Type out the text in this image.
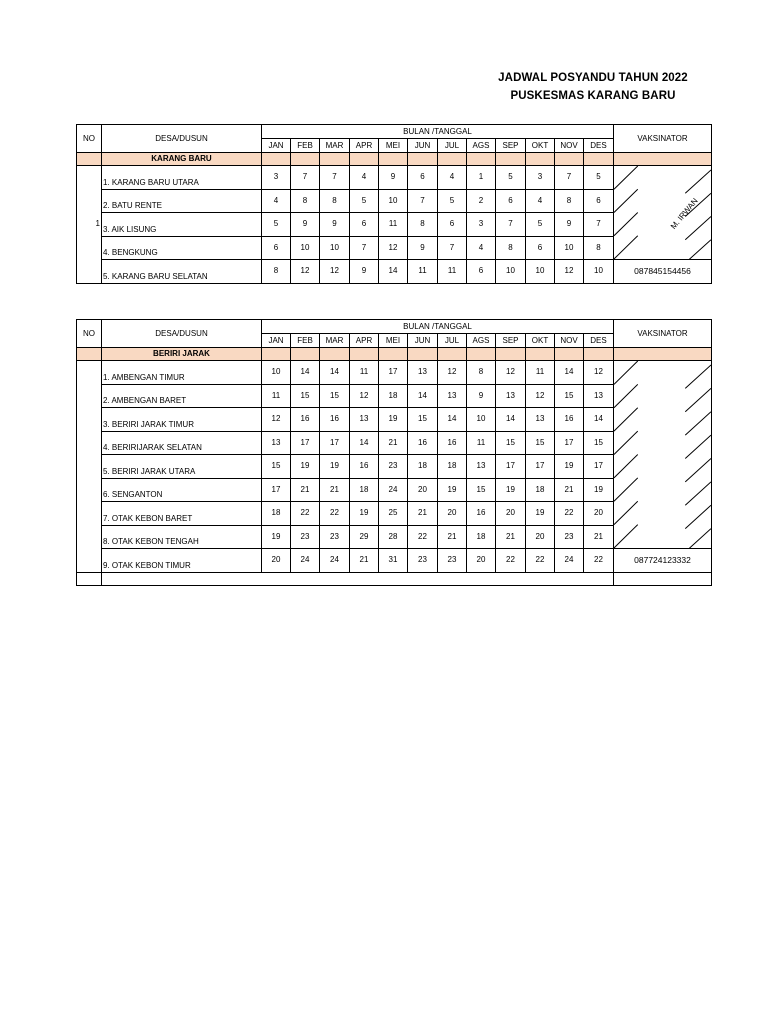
JADWAL POSYANDU TAHUN 2022
PUSKESMAS KARANG BARU
NO	DESA/DUSUN	BULAN /TANGGAL												VAKSINATOR
		JAN	FEB	MAR	APR	MEI	JUN	JUL	AGS	SEP	OKT	NOV	DES	
	KARANG BARU													
1	1. KARANG BARU UTARA	3	7	7	4	9	6	4	1	5	3	7	5	M. IRWAN

	2. BATU RENTE	4	8	8	5	10	7	5	2	6	4	8	6	
	3. AIK LISUNG	5	9	9	6	11	8	6	3	7	5	9	7	
	4. BENGKUNG	6	10	10	7	12	9	7	4	8	6	10	8	
	5. KARANG BARU SELATAN	8	12	12	9	14	11	11	6	10	10	12	10	087845154456
NO	DESA/DUSUN	BULAN /TANGGAL												VAKSINATOR
		JAN	FEB	MAR	APR	MEI	JUN	JUL	AGS	SEP	OKT	NOV	DES	
	BERIRI JARAK													
	1. AMBENGAN TIMUR	10	14	14	11	17	13	12	8	12	11	14	12	

	2. AMBENGAN BARET	11	15	15	12	18	14	13	9	13	12	15	13	
	3. BERIRI JARAK TIMUR	12	16	16	13	19	15	14	10	14	13	16	14	
	4. BERIRIJARAK SELATAN	13	17	17	14	21	16	16	11	15	15	17	15	
	5. BERIRI JARAK UTARA	15	19	19	16	23	18	18	13	17	17	19	17	
	6. SENGANTON	17	21	21	18	24	20	19	15	19	18	21	19	
	7. OTAK KEBON BARET	18	22	22	19	25	21	20	16	20	19	22	20	
	8. OTAK KEBON TENGAH	19	23	23	29	28	22	21	18	21	20	23	21	
	9. OTAK KEBON TIMUR	20	24	24	21	31	23	23	20	22	22	24	22	087724123332
